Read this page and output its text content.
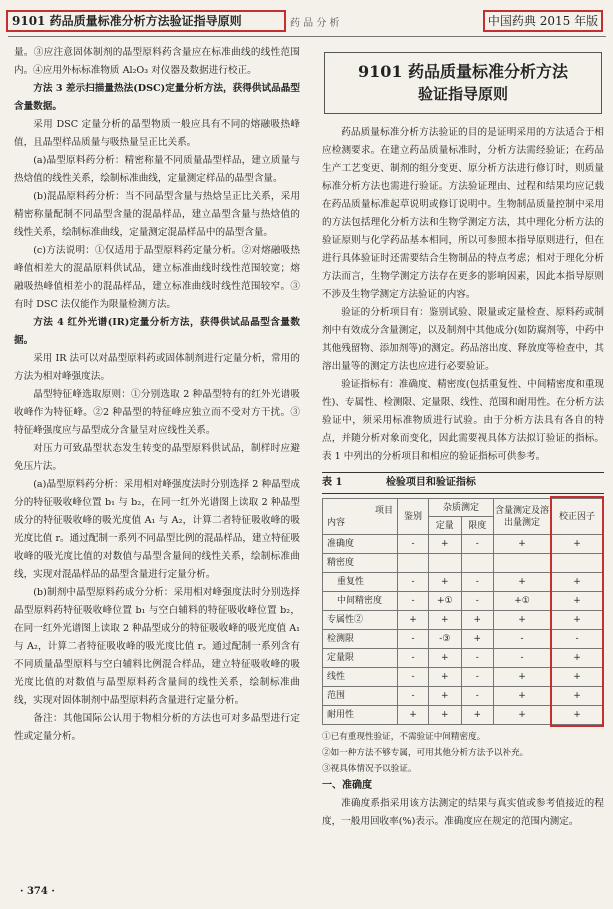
9101 药品质量标准分析方法验证指导原则	药 品 分 析	中国药典 2015 年版

量。③应注意固体制剂的晶型原料药含量应在标准曲线的线性范围内。④应用外标标准物质 Al₂O₃ 对仪器及数据进行校正。

方法 3 差示扫描量热法(DSC)定量分析方法，获得供试品晶型含量数据。

采用 DSC 定量分析的晶型物质一般应具有不同的熔融吸热峰值，且晶型样品质量与吸热量呈正比关系。

(a)晶型原料药分析：精密称量不同质量晶型样品，建立质量与热焓值的线性关系，绘制标准曲线，定量测定样品的晶型含量。

(b)混晶原料药分析：当不同晶型含量与热焓呈正比关系，采用精密称量配制不同晶型含量的混晶样品，建立晶型含量与热焓值的线性关系，绘制标准曲线，定量测定混晶样品中的晶型含量。

(c)方法说明：①仅适用于晶型原料药定量分析。②对熔融吸热峰值相差大的混晶原料供试品，建立标准曲线时线性范围较宽；熔融吸热峰值相差小的混晶样品，建立标准曲线时线性范围较窄。③有时 DSC 法仅能作为限量检测方法。

方法 4 红外光谱(IR)定量分析方法，获得供试品晶型含量数据。

采用 IR 法可以对晶型原料药或固体制剂进行定量分析，常用的方法为相对峰强度法。

晶型特征峰选取原则：①分别选取 2 种晶型特有的红外光谱吸收峰作为特征峰。②2 种晶型的特征峰应独立而不受对方干扰。③特征峰强度应与晶型成分含量呈对应线性关系。

对压力可致晶型状态发生转变的晶型原料供试品，制样时应避免压片法。

(a)晶型原料药分析：采用相对峰强度法时分别选择 2 种晶型成分的特征吸收峰位置 b₁ 与 b₂，在同一红外光谱图上读取 2 种晶型成分的特征吸收峰的吸光度值 A₁ 与 A₂，计算二者特征吸收峰的吸光度比值 r。通过配制一系列不同晶型比例的混晶样品，建立特征吸收峰的吸光度比值的对数值与晶型含量间的线性关系，绘制标准曲线，实现对混晶样品的晶型含量进行定量分析。

(b)制剂中晶型原料药成分分析：采用相对峰强度法时分别选择晶型原料药特征吸收峰位置 b₁ 与空白辅料的特征吸收峰位置 b₂，在同一红外光谱图上读取 2 种晶型成分的特征吸收峰的吸光度值 A₁ 与 A₂，计算二者特征吸收峰的吸光度比值 r。通过配制一系列含有不同质量晶型原料与空白辅料比例混合样品，建立特征吸收峰的吸光度比值的对数值与晶型原料药含量间的线性关系，绘制标准曲线，实现对固体制剂中晶型原料药含量进行定量分析。

备注：其他国际公认用于物相分析的方法也可对多晶型进行定性或定量分析。

9101 药品质量标准分析方法
验证指导原则

药品质量标准分析方法验证的目的是证明采用的方法适合于相应检测要求。在建立药品质量标准时，分析方法需经验证；在药品生产工艺变更、制剂的组分变更、原分析方法进行修订时，则质量标准分析方法也需进行验证。方法验证理由、过程和结果均应记载在药品质量标准起草说明或修订说明中。生物制品质量控制中采用的方法包括理化分析方法和生物学测定方法，其中理化分析方法的验证原则与化学药品基本相同，所以可参照本指导原则进行，但在进行具体验证时还需要结合生物制品的特点考虑；相对于理化分析方法而言，生物学测定方法存在更多的影响因素，因此本指导原则不涉及生物学测定方法验证的内容。

验证的分析项目有：鉴别试验、限量或定量检查、原料药或制剂中有效成分含量测定，以及制剂中其他成分(如防腐剂等，中药中其他残留物、添加剂等)的测定。药品溶出度、释放度等检查中，其溶出量等的测定方法也应进行必要验证。

验证指标有：准确度、精密度(包括重复性、中间精密度和重现性)、专属性、检测限、定量限、线性、范围和耐用性。在分析方法验证中，须采用标准物质进行试验。由于分析方法具有各自的特点，并随分析对象而变化，因此需要视具体方法拟订验证的指标。表 1 中列出的分析项目和相应的验证指标可供参考。

表 1	检验项目和验证指标
项目
内容	鉴别	杂质测定		含量测定及溶出量测定	校正因子
		定量	限度		
准确度	-	+	-	+	+
精密度					
重复性	-	+	-	+	+
中间精密度	-	+①	-	+①	+
专属性②	+	+	+	+	+
检测限	-	-③	+	-	-
定量限	-	+	-	-	+
线性	-	+	-	+	+
范围	-	+	-	+	+
耐用性	+	+	+	+	+
①已有重现性验证，不需验证中间精密度。
②如一种方法不够专属，可用其他分析方法予以补充。
③视具体情况予以验证。

一、准确度

准确度系指采用该方法测定的结果与真实值或参考值接近的程度，一般用回收率(%)表示。准确度应在规定的范围内测定。

· 374 ·
